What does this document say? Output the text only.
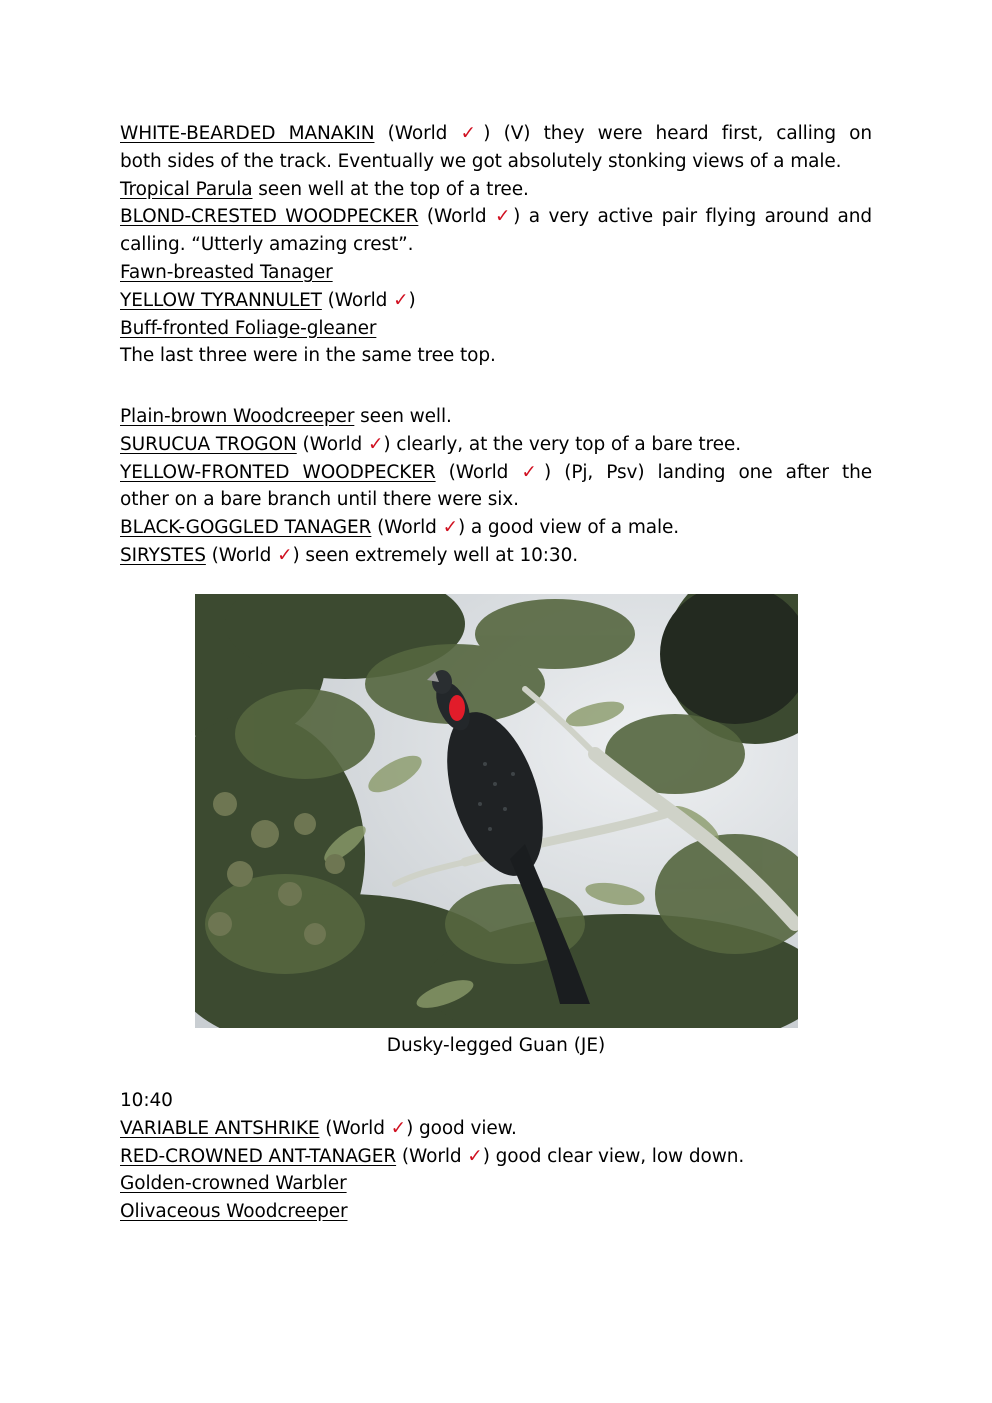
WHITE-BEARDED MANAKIN (World ✓) (V) they were heard first, calling on
both sides of the track. Eventually we got absolutely stonking views of a male.
Tropical Parula seen well at the top of a tree.
BLOND-CRESTED WOODPECKER (World ✓) a very active pair flying around and
calling. “Utterly amazing crest”.
Fawn-breasted Tanager
YELLOW TYRANNULET (World ✓)
Buff-fronted Foliage-gleaner
The last three were in the same tree top.
Plain-brown Woodcreeper seen well.
SURUCUA TROGON (World ✓) clearly, at the very top of a bare tree.
YELLOW-FRONTED WOODPECKER (World ✓) (Pj, Psv) landing one after the
other on a bare branch until there were six.
BLACK-GOGGLED TANAGER (World ✓) a good view of a male.
SIRYSTES (World ✓) seen extremely well at 10:30.
Dusky-legged Guan (JE)
10:40
VARIABLE ANTSHRIKE (World ✓) good view.
RED-CROWNED ANT-TANAGER (World ✓) good clear view, low down.
Golden-crowned Warbler
Olivaceous Woodcreeper
